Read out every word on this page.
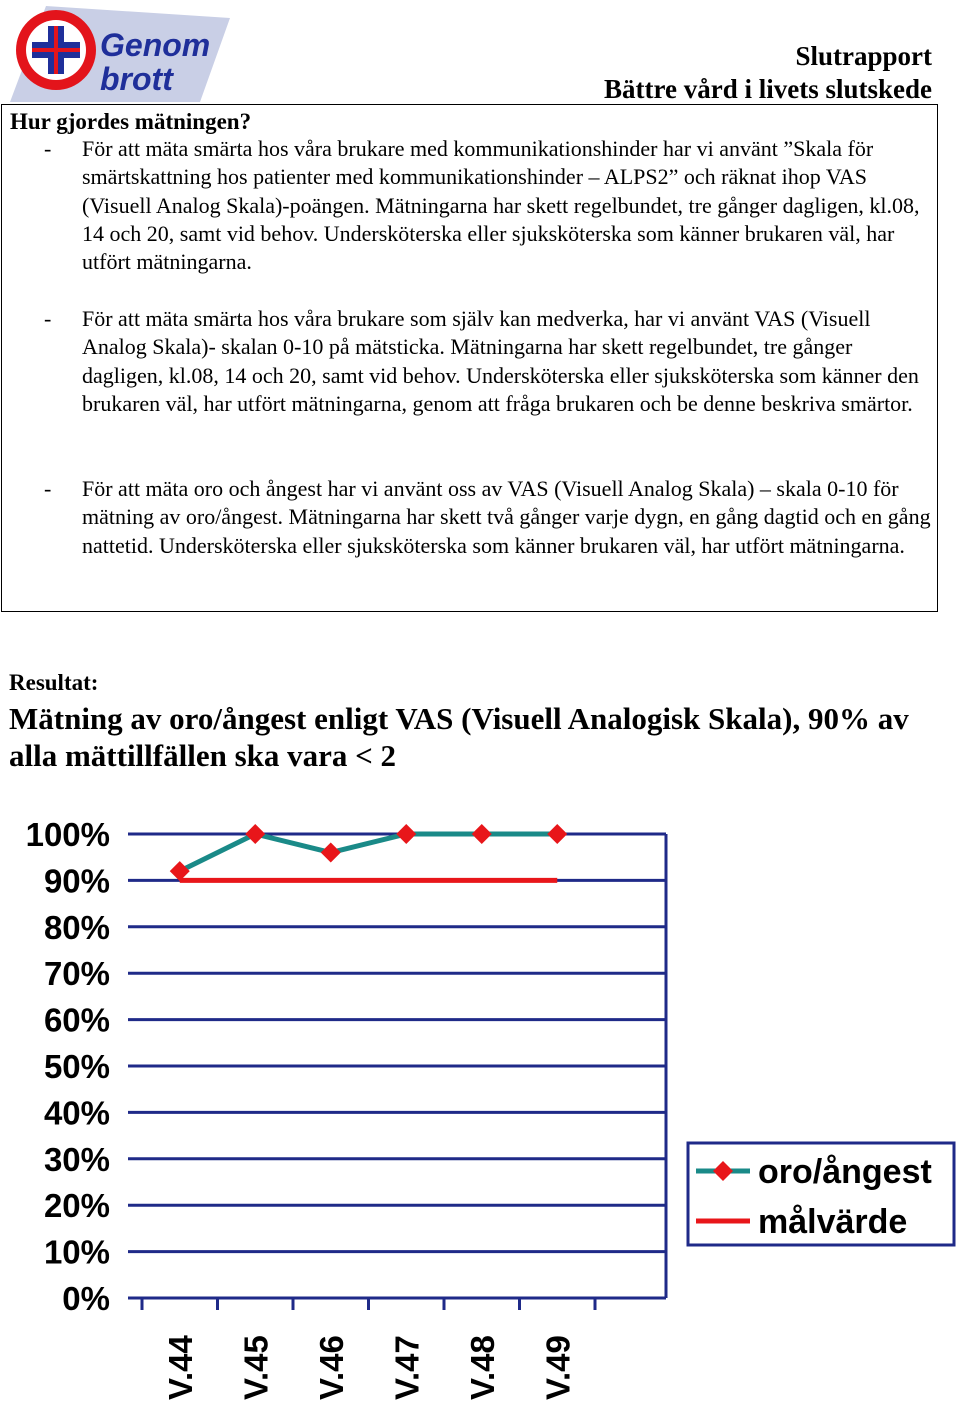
Genom
brott
Slutrapport
Bättre vård i livets slutskede
Hur gjordes mätningen?
- För att mäta smärta hos våra brukare med kommunikationshinder har vi använt ”Skala för smärtskattning hos patienter med kommunikationshinder – ALPS2” och räknat ihop VAS (Visuell Analog Skala)-poängen. Mätningarna har skett regelbundet, tre gånger dagligen, kl.08, 14 och 20, samt vid behov. Undersköterska eller sjuksköterska som känner brukaren väl, har utfört mätningarna.
- För att mäta smärta hos våra brukare som själv kan medverka, har vi använt VAS (Visuell Analog Skala)- skalan 0-10 på mätsticka. Mätningarna har skett regelbundet, tre gånger dagligen, kl.08, 14 och 20, samt vid behov. Undersköterska eller sjuksköterska som känner den brukaren väl, har utfört mätningarna, genom att fråga brukaren och be denne beskriva smärtor.
- För att mäta oro och ångest har vi använt oss av VAS (Visuell Analog Skala) – skala 0-10 för mätning av oro/ångest. Mätningarna har skett två gånger varje dygn, en gång dagtid och en gång nattetid. Undersköterska eller sjuksköterska som känner brukaren väl, har utfört mätningarna.
Resultat:
Mätning av oro/ångest enligt VAS (Visuell Analogisk Skala), 90% av alla mättillfällen ska vara < 2
0%
10%
20%
30%
40%
50%
60%
70%
80%
90%
100%
V.44 V.45 V.46 V.47 V.48 V.49
oro/ångest
målvärde
